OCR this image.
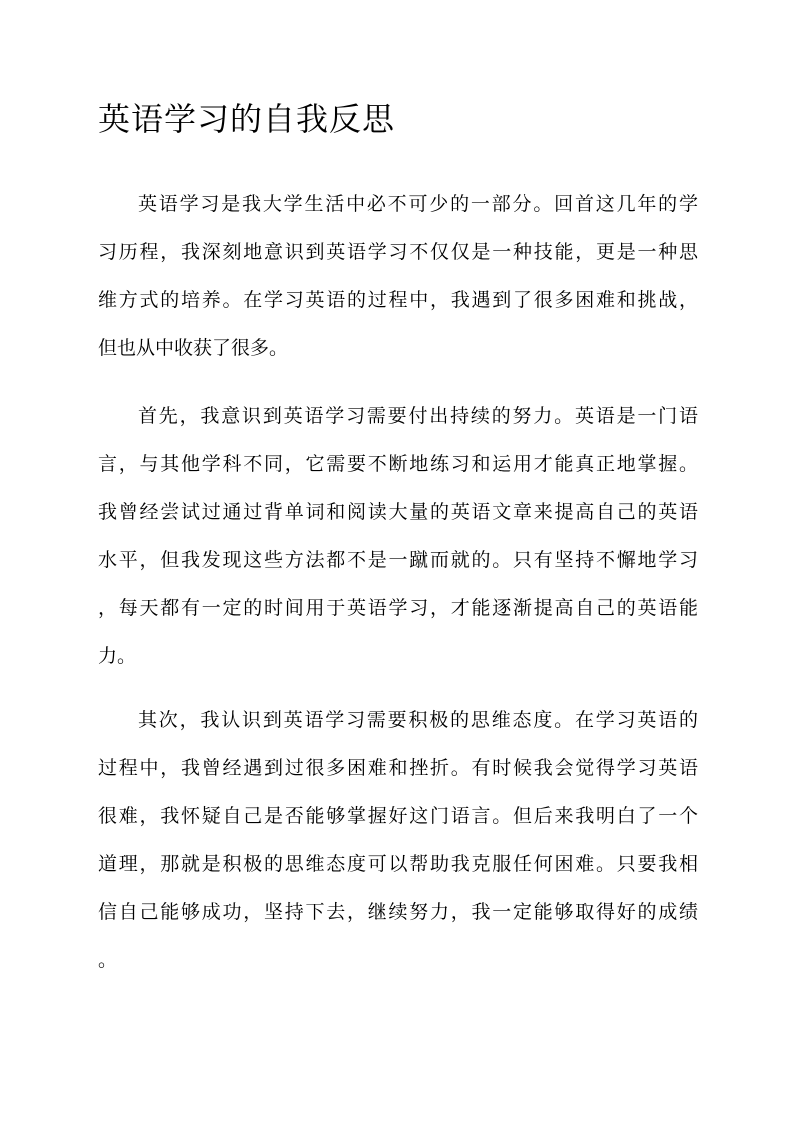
英语学习的自我反思
英语学习是我大学生活中必不可少的一部分。回首这几年的学
习历程，我深刻地意识到英语学习不仅仅是一种技能，更是一种思
维方式的培养。在学习英语的过程中，我遇到了很多困难和挑战，
但也从中收获了很多。
首先，我意识到英语学习需要付出持续的努力。英语是一门语
言，与其他学科不同，它需要不断地练习和运用才能真正地掌握。
我曾经尝试过通过背单词和阅读大量的英语文章来提高自己的英语
水平，但我发现这些方法都不是一蹴而就的。只有坚持不懈地学习
，每天都有一定的时间用于英语学习，才能逐渐提高自己的英语能
力。
其次，我认识到英语学习需要积极的思维态度。在学习英语的
过程中，我曾经遇到过很多困难和挫折。有时候我会觉得学习英语
很难，我怀疑自己是否能够掌握好这门语言。但后来我明白了一个
道理，那就是积极的思维态度可以帮助我克服任何困难。只要我相
信自己能够成功，坚持下去，继续努力，我一定能够取得好的成绩
。
